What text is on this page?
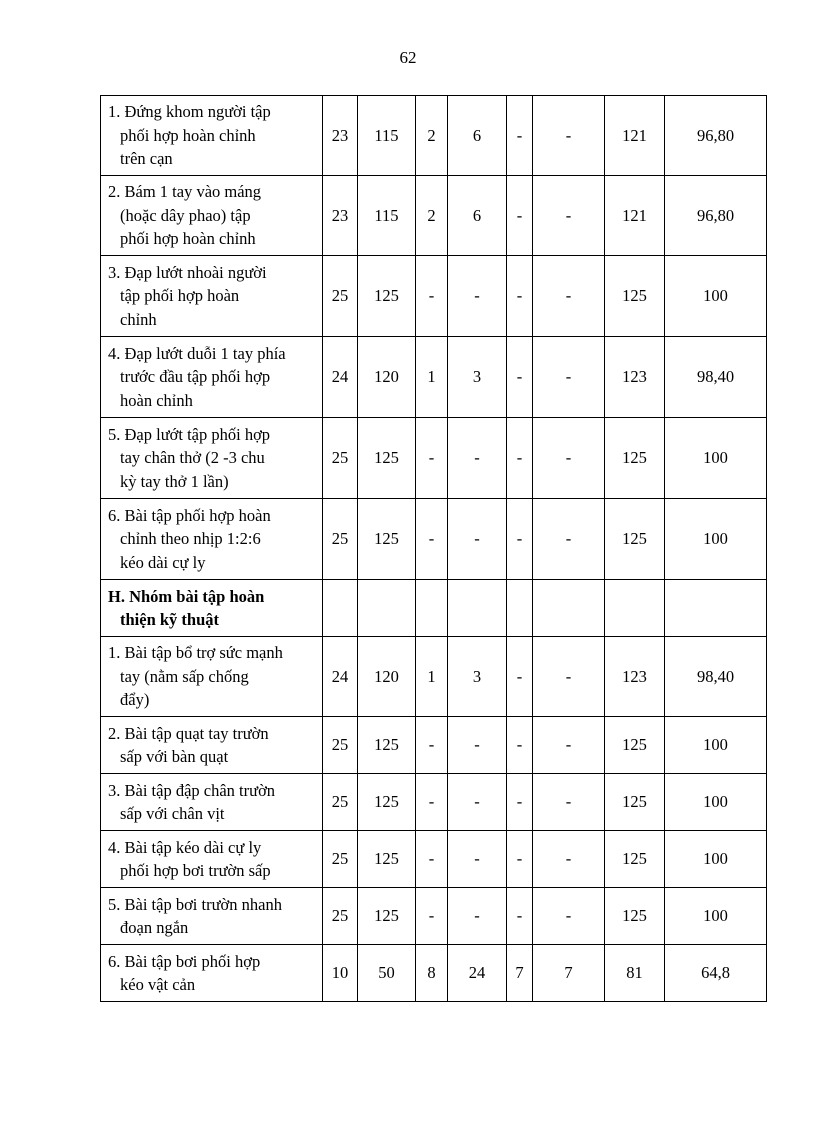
62
1. Đứng khom người tập
phối hợp hoàn chỉnh
trên cạn	23	115	2	6	-	-	121	96,80

2. Bám 1 tay vào máng
(hoặc dây phao) tập
phối hợp hoàn chỉnh	23	115	2	6	-	-	121	96,80

3. Đạp lướt nhoài người
tập phối hợp hoàn
chỉnh	25	125	-	-	-	-	125	100

4. Đạp lướt duỗi 1 tay phía
trước đầu tập phối hợp
hoàn chỉnh	24	120	1	3	-	-	123	98,40

5. Đạp lướt tập phối hợp
tay chân thở (2 -3 chu
kỳ tay thở 1 lần)	25	125	-	-	-	-	125	100

6. Bài tập phối hợp hoàn
chỉnh theo nhịp 1:2:6
kéo dài cự ly	25	125	-	-	-	-	125	100

H. Nhóm bài tập hoàn
thiện kỹ thuật								

1. Bài tập bổ trợ sức mạnh
tay (nằm sấp chống
đẩy)	24	120	1	3	-	-	123	98,40

2. Bài tập quạt tay trườn
sấp với bàn quạt	25	125	-	-	-	-	125	100

3. Bài tập đập chân trườn
sấp với chân vịt	25	125	-	-	-	-	125	100

4. Bài tập kéo dài cự ly
phối hợp bơi trườn sấp	25	125	-	-	-	-	125	100

5. Bài tập bơi trườn nhanh
đoạn ngắn	25	125	-	-	-	-	125	100

6. Bài tập bơi phối hợp
kéo vật cản	10	50	8	24	7	7	81	64,8
